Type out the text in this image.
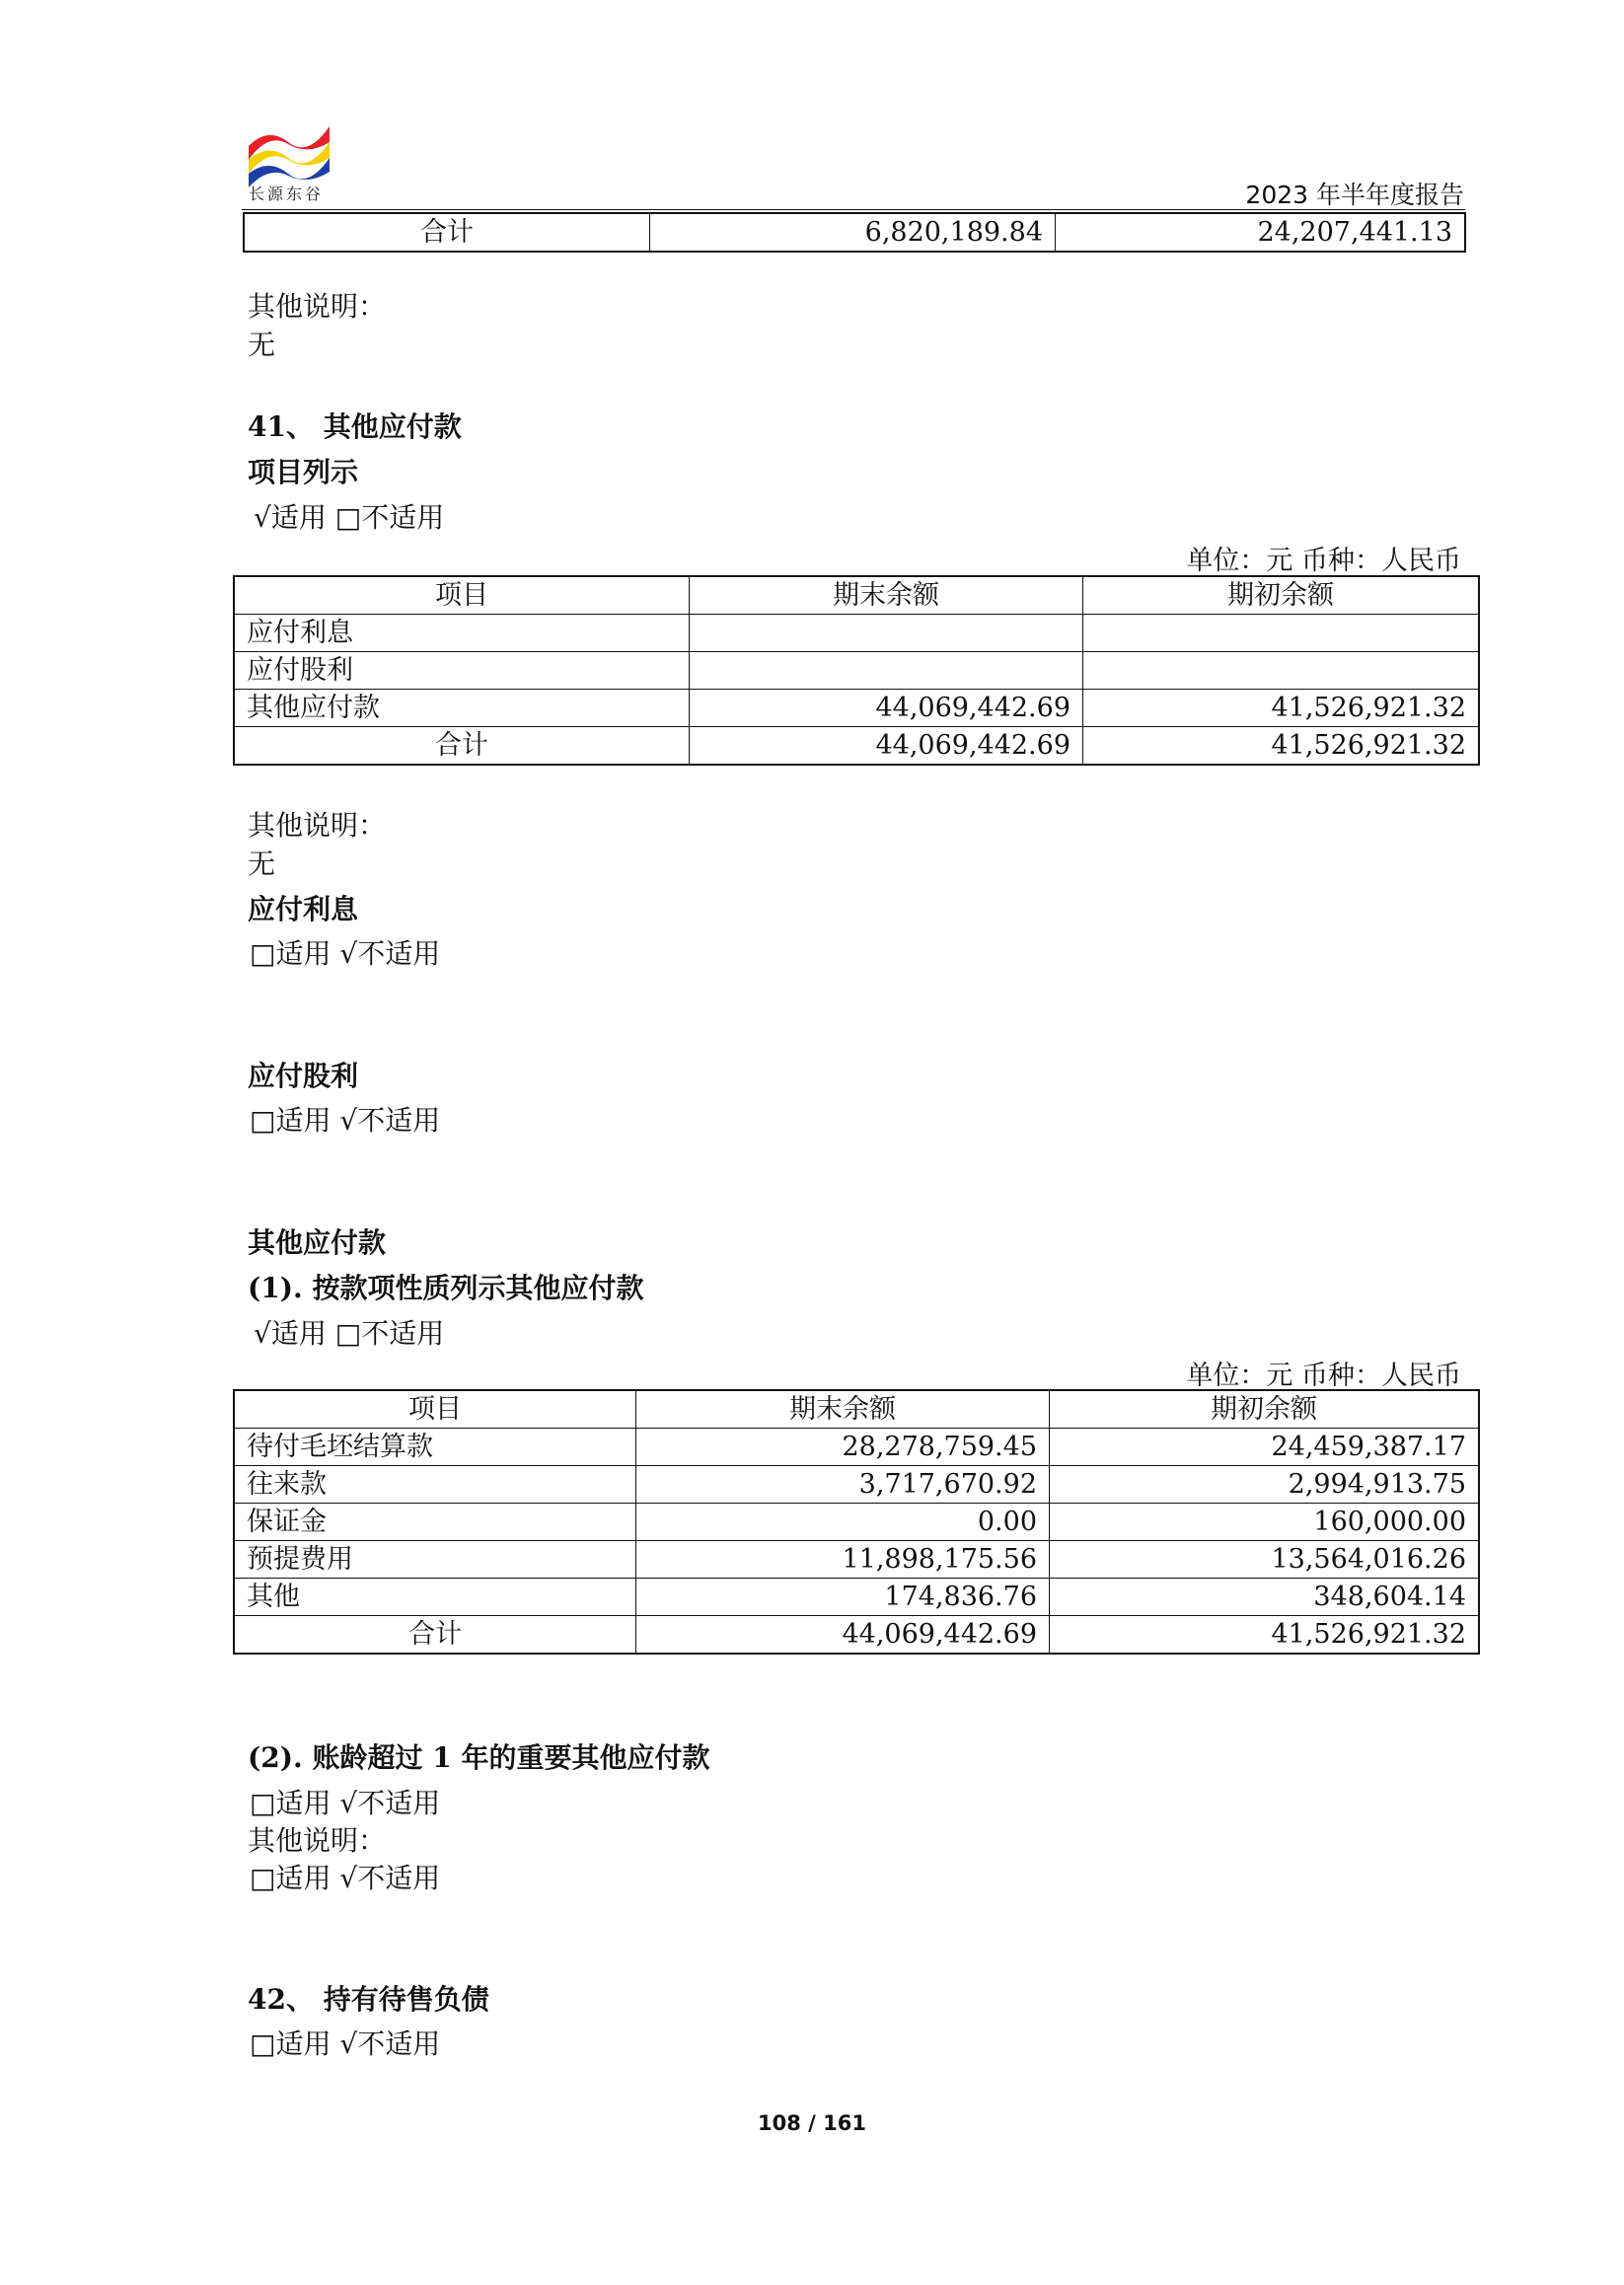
长源东谷	2023 年半年度报告
合计	6,820,189.84	24,207,441.13
其他说明：
无
41、 其他应付款
项目列示
√适用 □不适用
单位：元 币种：人民币
项目	期末余额	期初余额
应付利息		
应付股利		
其他应付款	44,069,442.69	41,526,921.32
合计	44,069,442.69	41,526,921.32
其他说明：
无
应付利息
□适用 √不适用
应付股利
□适用 √不适用
其他应付款
(1). 按款项性质列示其他应付款
√适用 □不适用
单位：元 币种：人民币
项目	期末余额	期初余额
待付毛坯结算款	28,278,759.45	24,459,387.17
往来款	3,717,670.92	2,994,913.75
保证金	0.00	160,000.00
预提费用	11,898,175.56	13,564,016.26
其他	174,836.76	348,604.14
合计	44,069,442.69	41,526,921.32
(2). 账龄超过 1 年的重要其他应付款
□适用 √不适用
其他说明：
□适用 √不适用
42、 持有待售负债
□适用 √不适用
108 / 161
